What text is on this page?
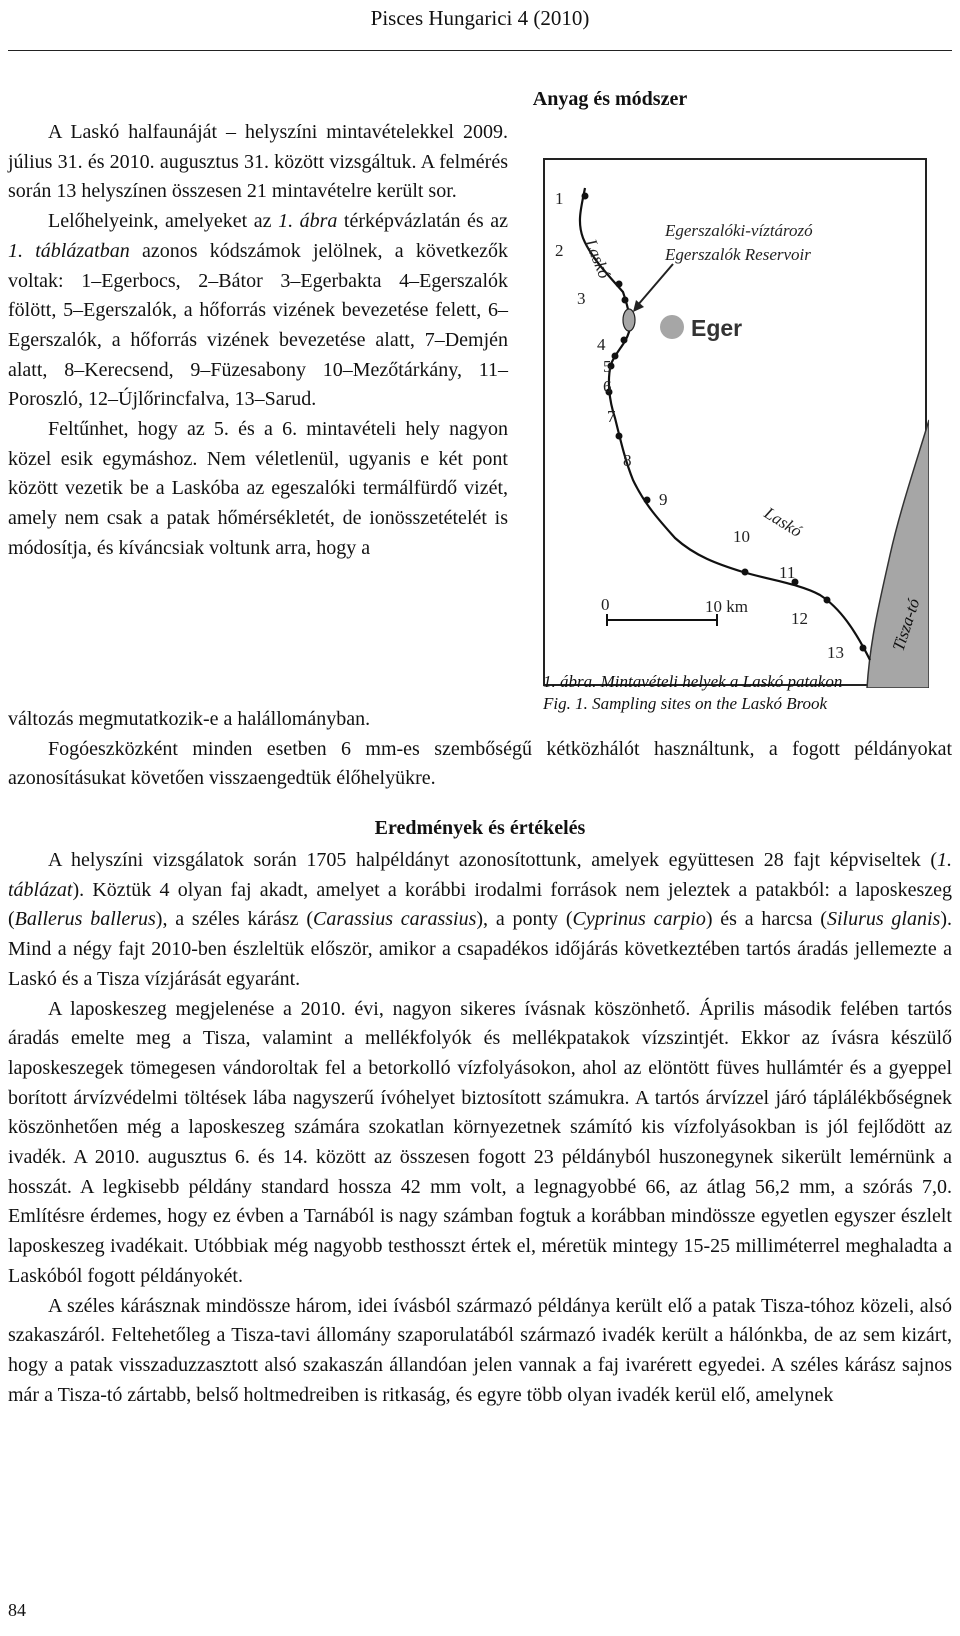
Pisces Hungarici 4 (2010)
Anyag és módszer

A Laskó halfaunáját – helyszíni mintavételekkel 2009. július 31. és 2010. augusztus 31. között vizsgáltuk. A felmérés során 13 helyszínen összesen 21 mintavételre került sor.

Lelőhelyeink, amelyeket az 1. ábra térképvázlatán és az 1. táblázatban azonos kódszámok jelölnek, a következők voltak: 1–Egerbocs, 2–Bátor 3–Egerbakta 4–Egerszalók fölött, 5–Egerszalók, a hőforrás vizének bevezetése felett, 6–Egerszalók, a hőforrás vizének bevezetése alatt, 7–Demjén alatt, 8–Kerecsend, 9–Füzesabony 10–Mezőtárkány, 11–Poroszló, 12–Újlőrincfalva, 13–Sarud.

Feltűnhet, hogy az 5. és a 6. mintavételi hely nagyon közel esik egymáshoz. Nem véletlenül, ugyanis e két pont között vezetik be a Laskóba az egeszalóki termálfürdő vizét, amely nem csak a patak hőmérsékletét, de ionösszetételét is módosítja, és kíváncsiak voltunk arra, hogy a

változás megmutatkozik-e a halállományban.

Fogóeszközként minden esetben 6 mm-es szembőségű kétközhálót használtunk, a fogott példányokat azonosításukat követően visszaengedtük élőhelyükre.

1
2
3
4
5
6
7
8
9
10
11
12
13
0	10 km
Egerszalóki-víztározó
Egerszalók Reservoir
Eger
Laskó
Laskó
Tisza-tó
1. ábra. Mintavételi helyek a Laskó patakon
Fig. 1. Sampling sites on the Laskó Brook
Eredmények és értékelés

A helyszíni vizsgálatok során 1705 halpéldányt azonosítottunk, amelyek együttesen 28 fajt képviseltek (1. táblázat). Köztük 4 olyan faj akadt, amelyet a korábbi irodalmi források nem jeleztek a patakból: a laposkeszeg (Ballerus ballerus), a széles kárász (Carassius carassius), a ponty (Cyprinus carpio) és a harcsa (Silurus glanis). Mind a négy fajt 2010-ben észleltük először, amikor a csapadékos időjárás következtében tartós áradás jellemezte a Laskó és a Tisza vízjárását egyaránt.

A laposkeszeg megjelenése a 2010. évi, nagyon sikeres ívásnak köszönhető. Április második felében tartós áradás emelte meg a Tisza, valamint a mellékfolyók és mellékpatakok vízszintjét. Ekkor az ívásra készülő laposkeszegek tömegesen vándoroltak fel a betorkolló vízfolyásokon, ahol az elöntött füves hullámtér és a gyeppel borított árvízvédelmi töltések lába nagyszerű ívóhelyet biztosított számukra. A tartós árvízzel járó táplálékbőségnek köszönhetően még a laposkeszeg számára szokatlan környezetnek számító kis vízfolyásokban is jól fejlődött az ivadék. A 2010. augusztus 6. és 14. között az összesen fogott 23 példányból huszonegynek sikerült lemérnünk a hosszát. A legkisebb példány standard hossza 42 mm volt, a legnagyobbé 66, az átlag 56,2 mm, a szórás 7,0. Említésre érdemes, hogy ez évben a Tarnából is nagy számban fogtuk a korábban mindössze egyetlen egyszer észlelt laposkeszeg ivadékait. Utóbbiak még nagyobb testhosszt értek el, méretük mintegy 15-25 milliméterrel meghaladta a Laskóból fogott példányokét.

A széles kárásznak mindössze három, idei ívásból származó példánya került elő a patak Tisza-tóhoz közeli, alsó szakaszáról. Feltehetőleg a Tisza-tavi állomány szaporulatából származó ivadék került a hálónkba, de az sem kizárt, hogy a patak visszaduzzasztott alsó szakaszán állandóan jelen vannak a faj ivarérett egyedei. A széles kárász sajnos már a Tisza-tó zártabb, belső holtmedreiben is ritkaság, és egyre több olyan ivadék kerül elő, amelynek

84
